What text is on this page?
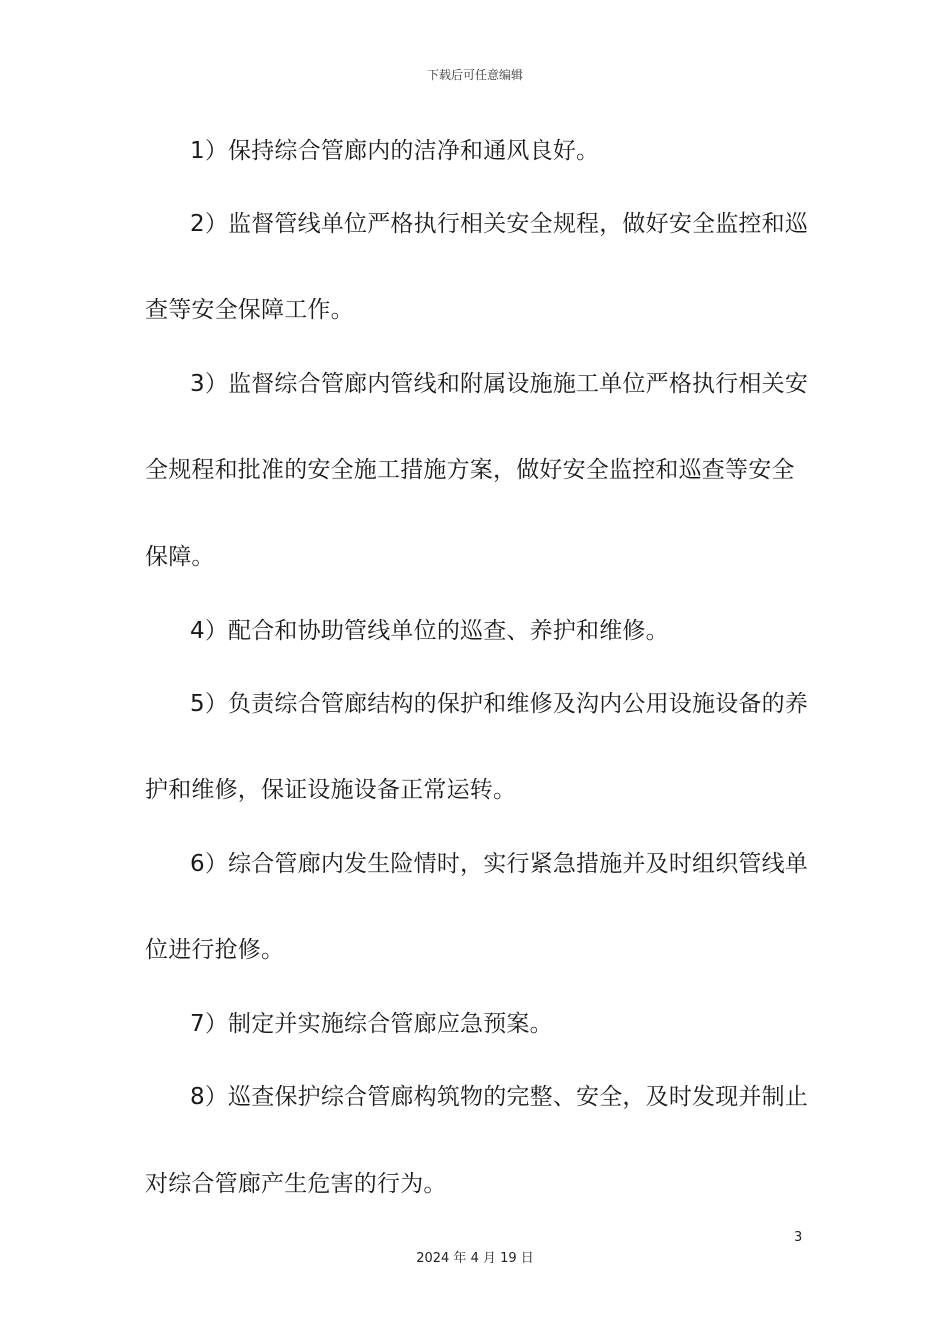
下载后可任意编辑
1）保持综合管廊内的洁净和通风良好。
2）监督管线单位严格执行相关安全规程，做好安全监控和巡
查等安全保障工作。
3）监督综合管廊内管线和附属设施施工单位严格执行相关安
全规程和批准的安全施工措施方案，做好安全监控和巡查等安全
保障。
4）配合和协助管线单位的巡查、养护和维修。
5）负责综合管廊结构的保护和维修及沟内公用设施设备的养
护和维修，保证设施设备正常运转。
6）综合管廊内发生险情时，实行紧急措施并及时组织管线单
位进行抢修。
7）制定并实施综合管廊应急预案。
8）巡查保护综合管廊构筑物的完整、安全，及时发现并制止
对综合管廊产生危害的行为。
3
2024 年 4 月 19 日
